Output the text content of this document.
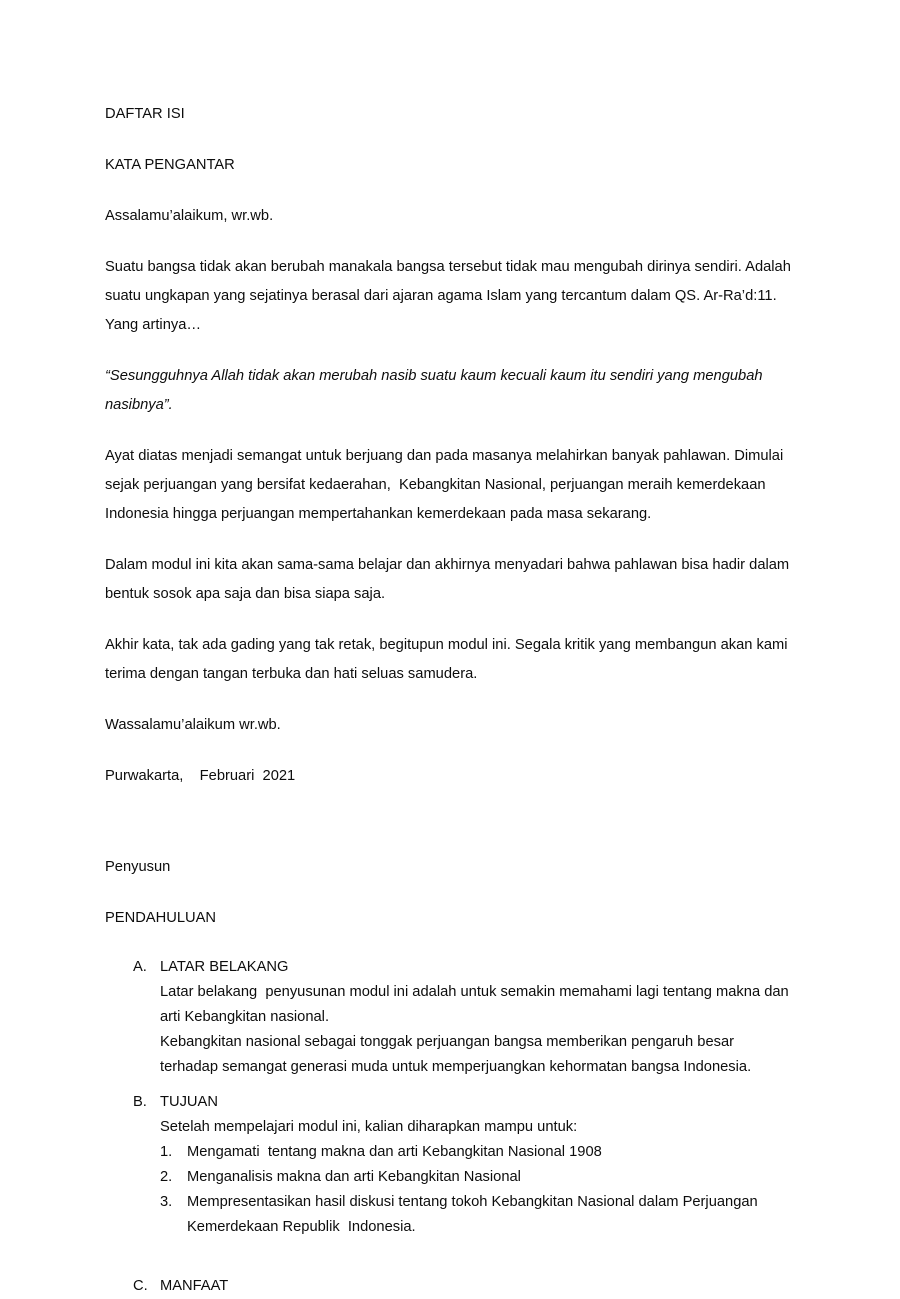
DAFTAR ISI

KATA PENGANTAR

Assalamu’alaikum, wr.wb.

Suatu bangsa tidak akan berubah manakala bangsa tersebut tidak mau mengubah dirinya sendiri. Adalah suatu ungkapan yang sejatinya berasal dari ajaran agama Islam yang tercantum dalam QS. Ar-Ra’d:11. Yang artinya…

“Sesungguhnya Allah tidak akan merubah nasib suatu kaum kecuali kaum itu sendiri yang mengubah nasibnya”.

Ayat diatas menjadi semangat untuk berjuang dan pada masanya melahirkan banyak pahlawan. Dimulai sejak perjuangan yang bersifat kedaerahan,  Kebangkitan Nasional, perjuangan meraih kemerdekaan Indonesia hingga perjuangan mempertahankan kemerdekaan pada masa sekarang.

Dalam modul ini kita akan sama-sama belajar dan akhirnya menyadari bahwa pahlawan bisa hadir dalam bentuk sosok apa saja dan bisa siapa saja.

Akhir kata, tak ada gading yang tak retak, begitupun modul ini. Segala kritik yang membangun akan kami terima dengan tangan terbuka dan hati seluas samudera.

Wassalamu’alaikum wr.wb.

Purwakarta,    Februari  2021

Penyusun

PENDAHULUAN

A. LATAR BELAKANG
Latar belakang  penyusunan modul ini adalah untuk semakin memahami lagi tentang makna dan arti Kebangkitan nasional.
Kebangkitan nasional sebagai tonggak perjuangan bangsa memberikan pengaruh besar terhadap semangat generasi muda untuk memperjuangkan kehormatan bangsa Indonesia.
B. TUJUAN
Setelah mempelajari modul ini, kalian diharapkan mampu untuk:
1. Mengamati  tentang makna dan arti Kebangkitan Nasional 1908
2. Menganalisis makna dan arti Kebangkitan Nasional
3. Mempresentasikan hasil diskusi tentang tokoh Kebangkitan Nasional dalam Perjuangan Kemerdekaan Republik  Indonesia.
C. MANFAAT
